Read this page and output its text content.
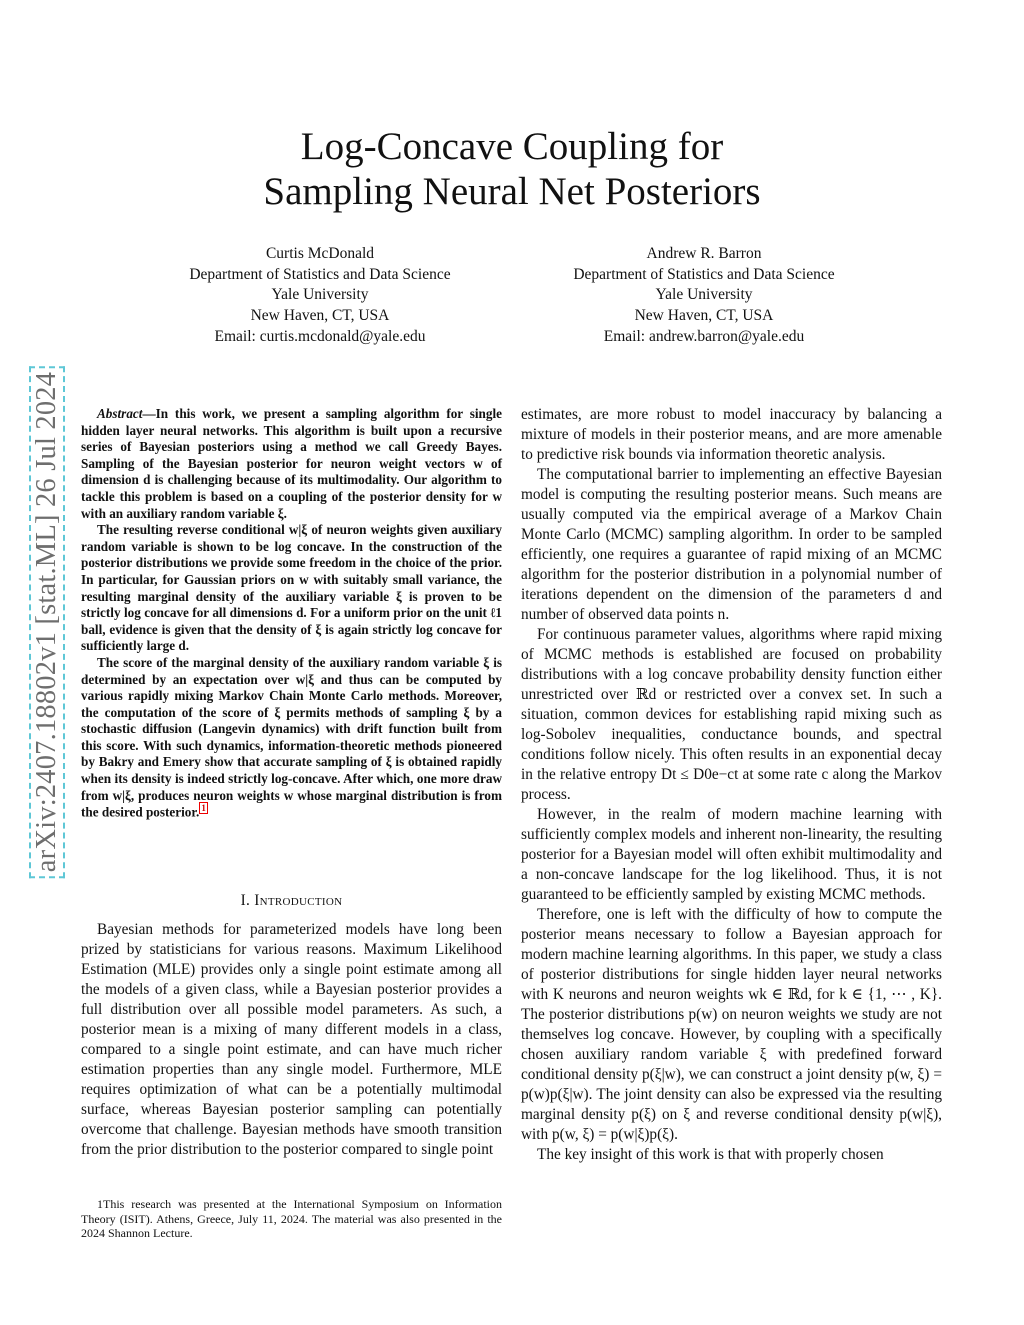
arXiv:2407.18802v1 [stat.ML] 26 Jul 2024
Log-Concave Coupling for
Sampling Neural Net Posteriors
Curtis McDonald
Department of Statistics and Data Science
Yale University
New Haven, CT, USA
Email: curtis.mcdonald@yale.edu
Andrew R. Barron
Department of Statistics and Data Science
Yale University
New Haven, CT, USA
Email: andrew.barron@yale.edu

Abstract—In this work, we present a sampling algorithm for single hidden layer neural networks. This algorithm is built upon a recursive series of Bayesian posteriors using a method we call Greedy Bayes. Sampling of the Bayesian posterior for neuron weight vectors w of dimension d is challenging because of its multimodality. Our algorithm to tackle this problem is based on a coupling of the posterior density for w with an auxiliary random variable ξ.

The resulting reverse conditional w|ξ of neuron weights given auxiliary random variable is shown to be log concave. In the construction of the posterior distributions we provide some freedom in the choice of the prior. In particular, for Gaussian priors on w with suitably small variance, the resulting marginal density of the auxiliary variable ξ is proven to be strictly log concave for all dimensions d. For a uniform prior on the unit ℓ1 ball, evidence is given that the density of ξ is again strictly log concave for sufficiently large d.

The score of the marginal density of the auxiliary random variable ξ is determined by an expectation over w|ξ and thus can be computed by various rapidly mixing Markov Chain Monte Carlo methods. Moreover, the computation of the score of ξ permits methods of sampling ξ by a stochastic diffusion (Langevin dynamics) with drift function built from this score. With such dynamics, information-theoretic methods pioneered by Bakry and Emery show that accurate sampling of ξ is obtained rapidly when its density is indeed strictly log-concave. After which, one more draw from w|ξ, produces neuron weights w whose marginal distribution is from the desired posterior. $^1$

I. Introduction

Bayesian methods for parameterized models have long been prized by statisticians for various reasons. Maximum Likelihood Estimation (MLE) provides only a single point estimate among all the models of a given class, while a Bayesian posterior provides a full distribution over all possible model parameters. As such, a posterior mean is a mixing of many different models in a class, compared to a single point estimate, and can have much richer estimation properties than any single model. Furthermore, MLE requires optimization of what can be a potentially multimodal surface, whereas Bayesian posterior sampling can potentially overcome that challenge. Bayesian methods have smooth transition from the prior distribution to the posterior compared to single point

1This research was presented at the International Symposium on Information Theory (ISIT). Athens, Greece, July 11, 2024. The material was also presented in the 2024 Shannon Lecture.

estimates, are more robust to model inaccuracy by balancing a mixture of models in their posterior means, and are more amenable to predictive risk bounds via information theoretic analysis.

The computational barrier to implementing an effective Bayesian model is computing the resulting posterior means. Such means are usually computed via the empirical average of a Markov Chain Monte Carlo (MCMC) sampling algorithm. In order to be sampled efficiently, one requires a guarantee of rapid mixing of an MCMC algorithm for the posterior distribution in a polynomial number of iterations dependent on the dimension of the parameters d and number of observed data points n.

For continuous parameter values, algorithms where rapid mixing of MCMC methods is established are focused on probability distributions with a log concave probability density function either unrestricted over ℝd or restricted over a convex set. In such a situation, common devices for establishing rapid mixing such as log-Sobolev inequalities, conductance bounds, and spectral conditions follow nicely. This often results in an exponential decay in the relative entropy Dt ≤ D0e−ct at some rate c along the Markov process.

However, in the realm of modern machine learning with sufficiently complex models and inherent non-linearity, the resulting posterior for a Bayesian model will often exhibit multimodality and a non-concave landscape for the log likelihood. Thus, it is not guaranteed to be efficiently sampled by existing MCMC methods.

Therefore, one is left with the difficulty of how to compute the posterior means necessary to follow a Bayesian approach for modern machine learning algorithms. In this paper, we study a class of posterior distributions for single hidden layer neural networks with K neurons and neuron weights wk ∈ ℝd, for k ∈ {1, ⋯ , K}. The posterior distributions p(w) on neuron weights we study are not themselves log concave. However, by coupling with a specifically chosen auxiliary random variable ξ with predefined forward conditional density p(ξ|w), we can construct a joint density p(w, ξ) = p(w)p(ξ|w). The joint density can also be expressed via the resulting marginal density p(ξ) on ξ and reverse conditional density p(w|ξ), with p(w, ξ) = p(w|ξ)p(ξ).

The key insight of this work is that with properly chosen
